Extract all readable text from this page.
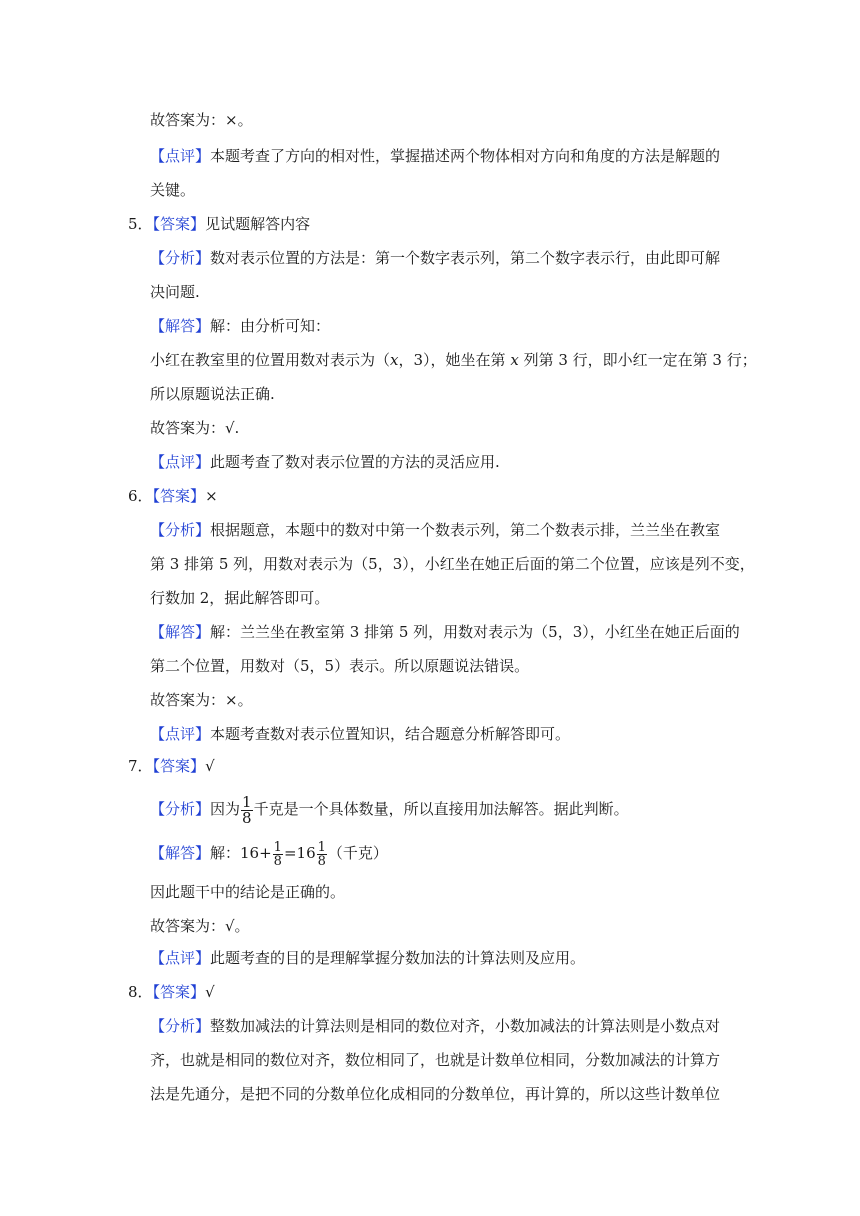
故答案为：×。
【点评】本题考查了方向的相对性，掌握描述两个物体相对方向和角度的方法是解题的
关键。
5．【答案】见试题解答内容
【分析】数对表示位置的方法是：第一个数字表示列，第二个数字表示行，由此即可解
决问题.
【解答】解：由分析可知：
小红在教室里的位置用数对表示为（x，3），她坐在第 x 列第 3 行，即小红一定在第 3 行；
所以原题说法正确.
故答案为：√.
【点评】此题考查了数对表示位置的方法的灵活应用.
6．【答案】×
【分析】根据题意，本题中的数对中第一个数表示列，第二个数表示排，兰兰坐在教室
第 3 排第 5 列，用数对表示为（5，3），小红坐在她正后面的第二个位置，应该是列不变，
行数加 2，据此解答即可。
【解答】解：兰兰坐在教室第 3 排第 5 列，用数对表示为（5，3），小红坐在她正后面的
第二个位置，用数对（5，5）表示。所以原题说法错误。
故答案为：×。
【点评】本题考查数对表示位置知识，结合题意分析解答即可。
7．【答案】√
【分析】因为 $\frac{1}{8}$ 千克是一个具体数量，所以直接用加法解答。据此判断。
【解答】解：$16+ \frac{1}{8} =16 \frac{1}{8}$ （千克）
因此题干中的结论是正确的。
故答案为：√。
【点评】此题考查的目的是理解掌握分数加法的计算法则及应用。
8．【答案】√
【分析】整数加减法的计算法则是相同的数位对齐，小数加减法的计算法则是小数点对
齐，也就是相同的数位对齐，数位相同了，也就是计数单位相同，分数加减法的计算方
法是先通分，是把不同的分数单位化成相同的分数单位，再计算的，所以这些计数单位
